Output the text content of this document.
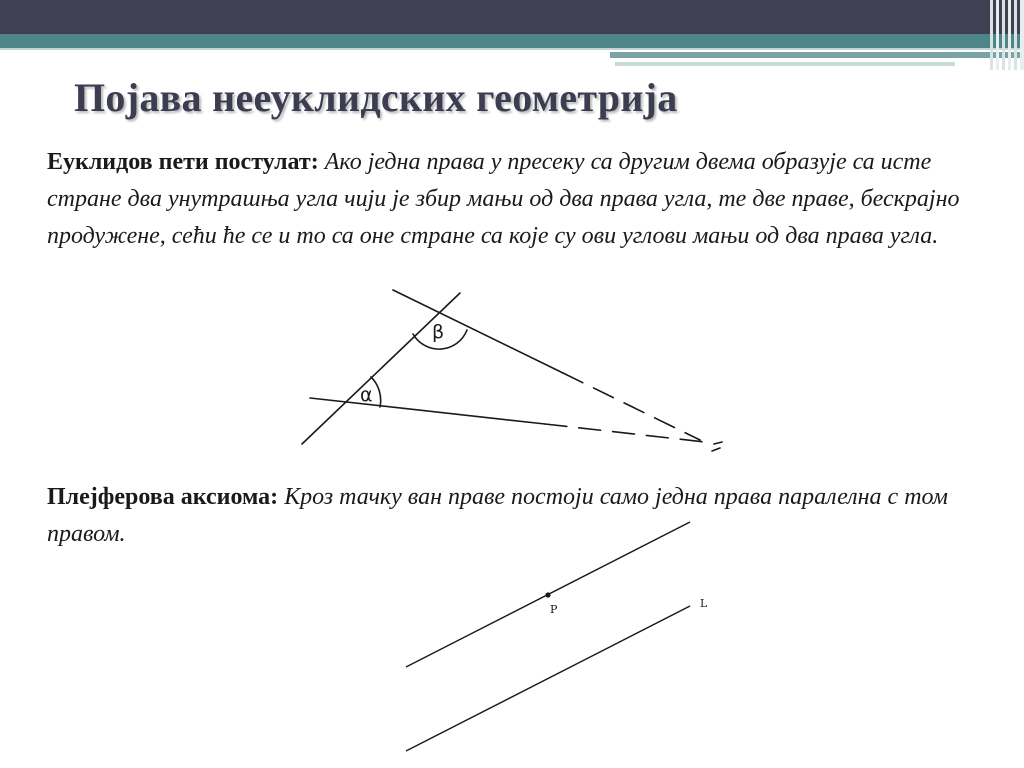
Појава нееуклидских геометрија

Еуклидов пети постулат: Ако једна права у пресеку са другим двема образује са исте стране два унутрашња угла чији је збир мањи од два права угла, те две праве, бескрајно продужене, сећи ће се и то са оне стране са које су ови углови мањи од два права угла.

β
α

Плејферова аксиома: Кроз тачку ван праве постоји само једна права паралелна с том правом.

P	L
